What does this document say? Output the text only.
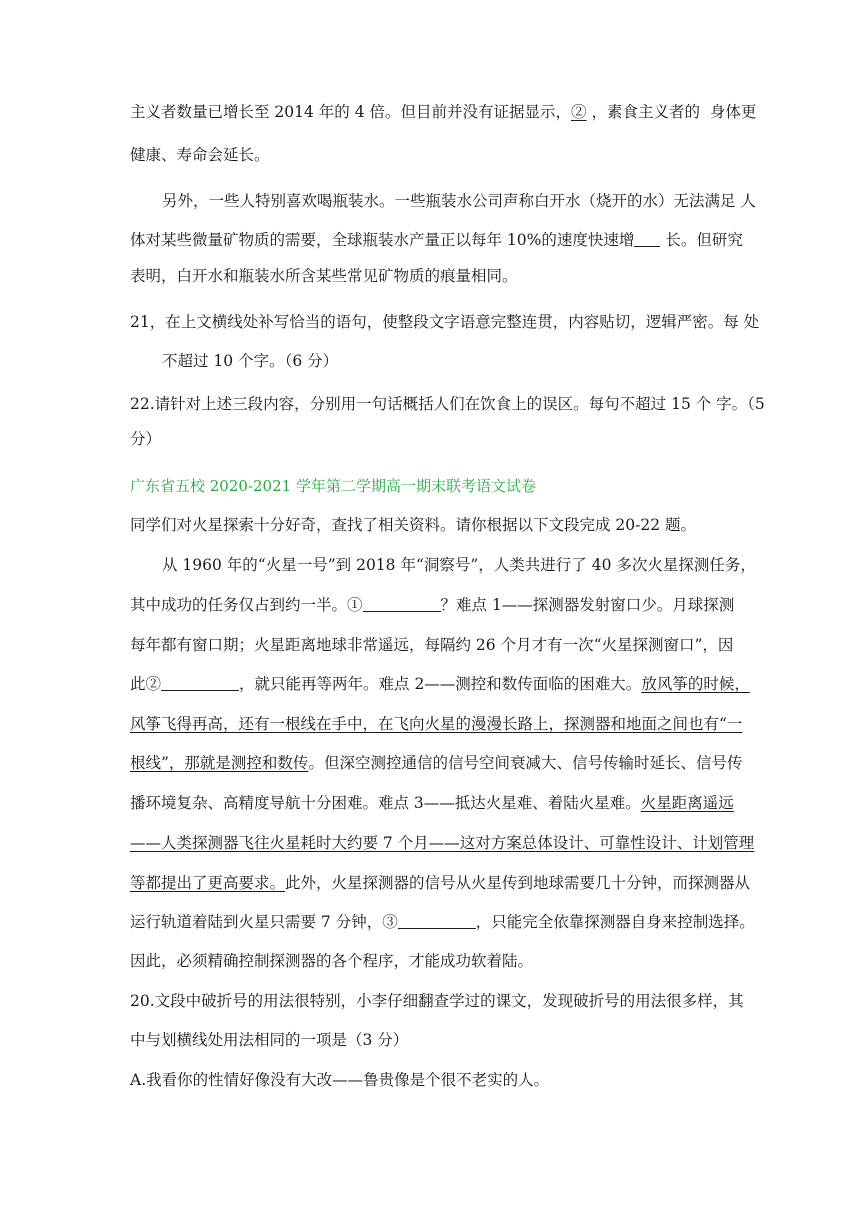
主义者数量已增长至 2014 年的 4 倍。但目前并没有证据显示，② ，素食主义者的  身体更
健康、寿命会延长。
另外，一些人特别喜欢喝瓶装水。一些瓶装水公司声称白开水（烧开的水）无法满足 人
体对某些微量矿物质的需要，全球瓶装水产量正以每年 10%的速度快速增 长。但研究
表明，白开水和瓶装水所含某些常见矿物质的痕量相同。
21，在上文横线处补写恰当的语句，使整段文字语意完整连贯，内容贴切，逻辑严密。每 处
不超过 10 个字。（6 分）
22.请针对上述三段内容，分别用一句话概括人们在饮食上的误区。每句不超过 15 个 字。（5
分）
广东省五校 2020-2021 学年第二学期高一期末联考语文试卷
同学们对火星探索十分好奇，查找了相关资料。请你根据以下文段完成 20-22 题。
从 1960 年的“火星一号”到 2018 年“洞察号”，人类共进行了 40 多次火星探测任务，
其中成功的任务仅占到约一半。①	？难点 1——探测器发射窗口少。月球探测
每年都有窗口期；火星距离地球非常遥远，每隔约 26 个月才有一次“火星探测窗口”，因
此②	，就只能再等两年。难点 2——测控和数传面临的困难大。放风筝的时候，
风筝飞得再高，还有一根线在手中，在飞向火星的漫漫长路上，探测器和地面之间也有“一
根线”，那就是测控和数传。但深空测控通信的信号空间衰减大、信号传输时延长、信号传
播环境复杂、高精度导航十分困难。难点 3——抵达火星难、着陆火星难。火星距离遥远
——人类探测器飞往火星耗时大约要 7 个月——这对方案总体设计、可靠性设计、计划管理
等都提出了更高要求。此外，火星探测器的信号从火星传到地球需要几十分钟，而探测器从
运行轨道着陆到火星只需要 7 分钟，③	，只能完全依靠探测器自身来控制选择。
因此，必须精确控制探测器的各个程序，才能成功软着陆。
20.文段中破折号的用法很特别，小李仔细翻查学过的课文，发现破折号的用法很多样，其
中与划横线处用法相同的一项是（3 分）
A.我看你的性情好像没有大改——鲁贵像是个很不老实的人。
